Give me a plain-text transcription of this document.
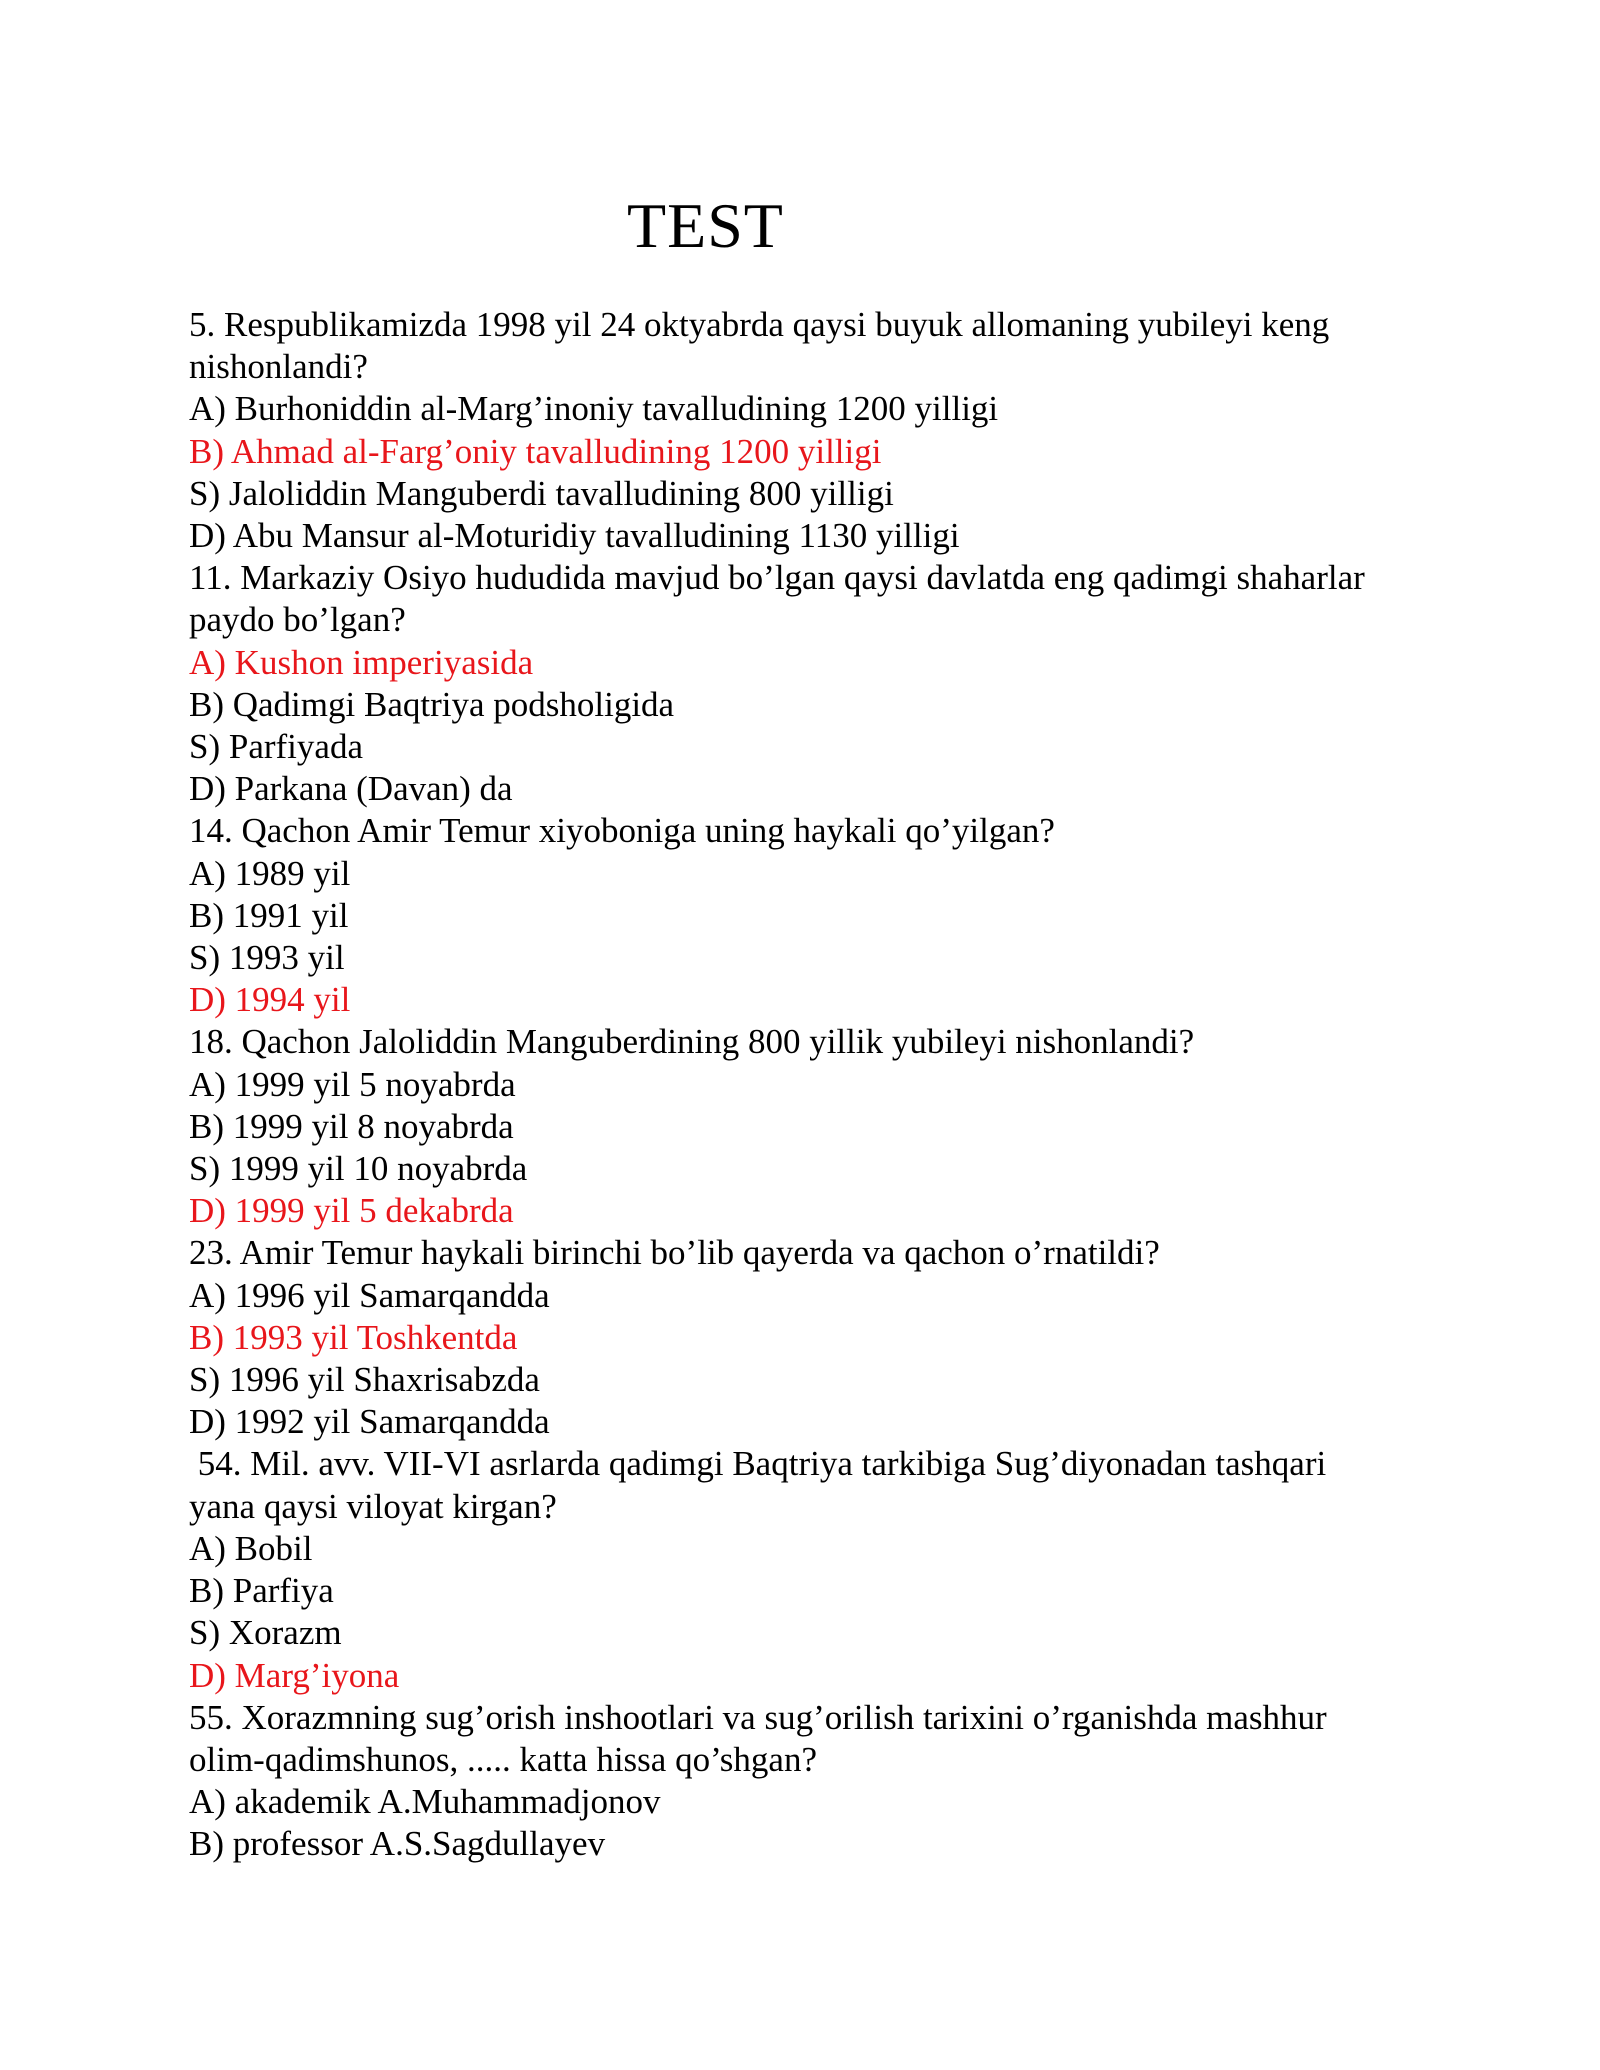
TEST
5. Respublikamizda 1998 yil 24 oktyabrda qaysi buyuk allomaning yubileyi keng
nishonlandi?
A) Burhoniddin al-Marg’inoniy tavalludining 1200 yilligi
B) Ahmad al-Farg’oniy tavalludining 1200 yilligi
S) Jaloliddin Manguberdi tavalludining 800 yilligi
D) Abu Mansur al-Moturidiy tavalludining 1130 yilligi
11. Markaziy Osiyo hududida mavjud bo’lgan qaysi davlatda eng qadimgi shaharlar
paydo bo’lgan?
A) Kushon imperiyasida
B) Qadimgi Baqtriya podsholigida
S) Parfiyada
D) Parkana (Davan) da
14. Qachon Amir Temur xiyoboniga uning haykali qo’yilgan?
A) 1989 yil
B) 1991 yil
S) 1993 yil
D) 1994 yil
18. Qachon Jaloliddin Manguberdining 800 yillik yubileyi nishonlandi?
A) 1999 yil 5 noyabrda
B) 1999 yil 8 noyabrda
S) 1999 yil 10 noyabrda
D) 1999 yil 5 dekabrda
23. Amir Temur haykali birinchi bo’lib qayerda va qachon o’rnatildi?
A) 1996 yil Samarqandda
B) 1993 yil Toshkentda
S) 1996 yil Shaxrisabzda
D) 1992 yil Samarqandda
54. Mil. avv. VII-VI asrlarda qadimgi Baqtriya tarkibiga Sug’diyonadan tashqari
yana qaysi viloyat kirgan?
A) Bobil
B) Parfiya
S) Xorazm
D) Marg’iyona
55. Xorazmning sug’orish inshootlari va sug’orilish tarixini o’rganishda mashhur
olim-qadimshunos, ..... katta hissa qo’shgan?
A) akademik A.Muhammadjonov
B) professor A.S.Sagdullayev
